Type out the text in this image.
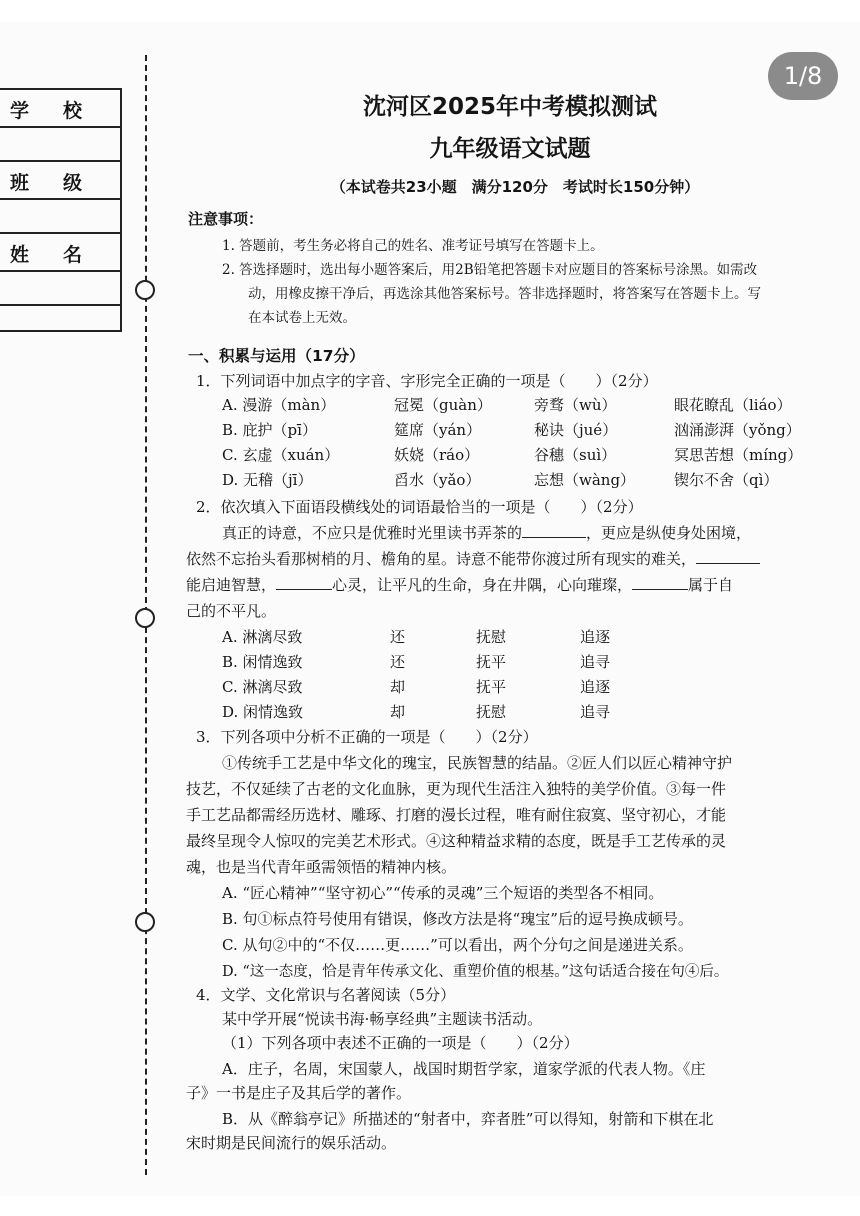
学校
班级
姓名
1/8
沈河区2025年中考模拟测试
九年级语文试题
（本试卷共23小题　满分120分　考试时长150分钟）
注意事项：
1. 答题前，考生务必将自己的姓名、准考证号填写在答题卡上。
2. 答选择题时，选出每小题答案后，用2B铅笔把答题卡对应题目的答案标号涂黑。如需改
动，用橡皮擦干净后，再选涂其他答案标号。答非选择题时，将答案写在答题卡上。写
在本试卷上无效。
一、积累与运用（17分）
1．下列词语中加点字的字音、字形完全正确的一项是（　　）（2分）
A. 漫游（màn）	冠冕（guàn）	旁骛（wù）	眼花瞭乱（liáo）
B. 庇护（pī）	筵席（yán）	秘诀（jué）	汹涌澎湃（yǒng）
C. 玄虚（xuán）	妖娆（ráo）	谷穗（suì）	冥思苦想（míng）
D. 无稽（jī）	舀水（yǎo）	忘想（wàng）	锲尔不舍（qì）
2．依次填入下面语段横线处的词语最恰当的一项是（　　）（2分）
真正的诗意，不应只是优雅时光里读书弄茶的	，更应是纵使身处困境，
依然不忘抬头看那树梢的月、檐角的星。诗意不能带你渡过所有现实的难关，
能启迪智慧，	心灵，让平凡的生命，身在井隅，心向璀璨，	属于自
己的不平凡。
A. 淋漓尽致	还	抚慰	追逐
B. 闲情逸致	还	抚平	追寻
C. 淋漓尽致	却	抚平	追逐
D. 闲情逸致	却	抚慰	追寻
3．下列各项中分析不正确的一项是（　　）（2分）
①传统手工艺是中华文化的瑰宝，民族智慧的结晶。②匠人们以匠心精神守护
技艺，不仅延续了古老的文化血脉，更为现代生活注入独特的美学价值。③每一件
手工艺品都需经历选材、雕琢、打磨的漫长过程，唯有耐住寂寞、坚守初心，才能
最终呈现令人惊叹的完美艺术形式。④这种精益求精的态度，既是手工艺传承的灵
魂，也是当代青年亟需领悟的精神内核。
A. “匠心精神”“坚守初心”“传承的灵魂”三个短语的类型各不相同。
B. 句①标点符号使用有错误，修改方法是将“瑰宝”后的逗号换成顿号。
C. 从句②中的“不仅……更……”可以看出，两个分句之间是递进关系。
D. “这一态度，恰是青年传承文化、重塑价值的根基。”这句话适合接在句④后。
4．文学、文化常识与名著阅读（5分）
某中学开展“悦读书海·畅享经典”主题读书活动。
（1）下列各项中表述不正确的一项是（　　）（2分）
A．庄子，名周，宋国蒙人，战国时期哲学家，道家学派的代表人物。《庄
子》一书是庄子及其后学的著作。
B．从《醉翁亭记》所描述的“射者中，弈者胜”可以得知，射箭和下棋在北
宋时期是民间流行的娱乐活动。
